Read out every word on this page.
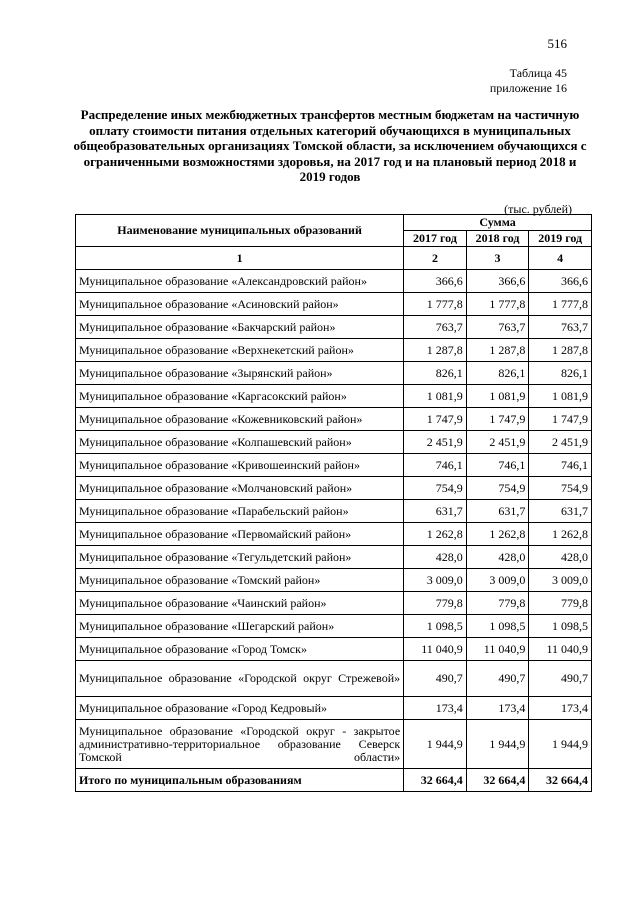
516
Таблица 45
приложение 16
Распределение иных межбюджетных трансфертов местным бюджетам на частичную оплату стоимости питания отдельных категорий обучающихся в муниципальных общеобразовательных организациях Томской области, за исключением обучающихся с ограниченными возможностями здоровья, на 2017 год и на плановый период 2018 и 2019 годов
(тыс. рублей)
Наименование муниципальных образований	Сумма		
	2017 год	2018 год	2019 год
1	2	3	4
Муниципальное образование «Александровский район»	366,6	366,6	366,6
Муниципальное образование «Асиновский район»	1 777,8	1 777,8	1 777,8
Муниципальное образование «Бакчарский район»	763,7	763,7	763,7
Муниципальное образование «Верхнекетский район»	1 287,8	1 287,8	1 287,8
Муниципальное образование «Зырянский район»	826,1	826,1	826,1
Муниципальное образование «Каргасокский район»	1 081,9	1 081,9	1 081,9
Муниципальное образование «Кожевниковский район»	1 747,9	1 747,9	1 747,9
Муниципальное образование «Колпашевский район»	2 451,9	2 451,9	2 451,9
Муниципальное образование «Кривошеинский район»	746,1	746,1	746,1
Муниципальное образование «Молчановский район»	754,9	754,9	754,9
Муниципальное образование «Парабельский район»	631,7	631,7	631,7
Муниципальное образование «Первомайский район»	1 262,8	1 262,8	1 262,8
Муниципальное образование «Тегульдетский район»	428,0	428,0	428,0
Муниципальное образование «Томский район»	3 009,0	3 009,0	3 009,0
Муниципальное образование «Чаинский район»	779,8	779,8	779,8
Муниципальное образование «Шегарский район»	1 098,5	1 098,5	1 098,5
Муниципальное образование «Город Томск»	11 040,9	11 040,9	11 040,9
Муниципальное образование «Городской округ Стрежевой»	490,7	490,7	490,7
Муниципальное образование «Город Кедровый»	173,4	173,4	173,4
Муниципальное образование «Городской округ - закрытое административно-территориальное образование Северск Томской области»	1 944,9	1 944,9	1 944,9
Итого по муниципальным образованиям	32 664,4	32 664,4	32 664,4
